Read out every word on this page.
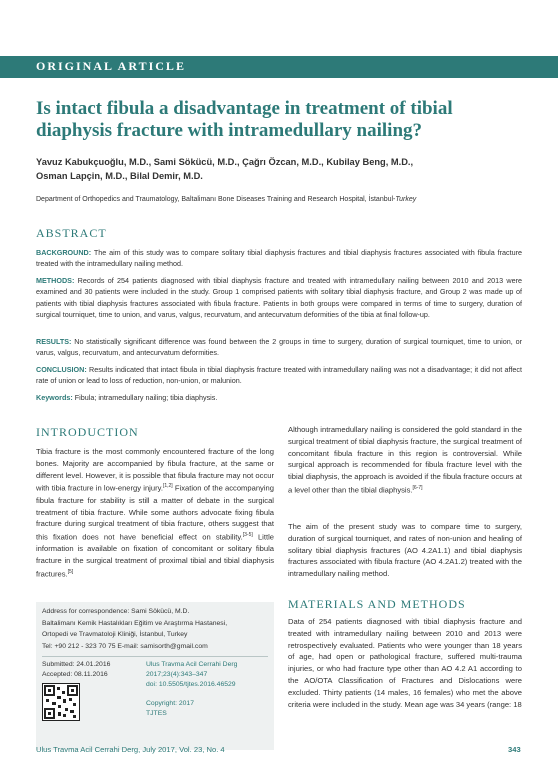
ORIGINAL ARTICLE
Is intact fibula a disadvantage in treatment of tibial diaphysis fracture with intramedullary nailing?
Yavuz Kabukçuoğlu, M.D., Sami Sökücü, M.D., Çağrı Özcan, M.D., Kubilay Beng, M.D.,
Osman Lapçin, M.D., Bilal Demir, M.D.
Department of Orthopedics and Traumatology, Baltalimanı Bone Diseases Training and Research Hospital, İstanbul-Turkey
ABSTRACT
BACKGROUND: The aim of this study was to compare solitary tibial diaphysis fractures and tibial diaphysis fractures associated with fibula fracture treated with the intramedullary nailing method.
METHODS: Records of 254 patients diagnosed with tibial diaphysis fracture and treated with intramedullary nailing between 2010 and 2013 were examined and 30 patients were included in the study. Group 1 comprised patients with solitary tibial diaphysis fracture, and Group 2 was made up of patients with tibial diaphysis fractures associated with fibula fracture. Patients in both groups were compared in terms of time to surgery, duration of surgical tourniquet, time to union, and varus, valgus, recurvatum, and antecurvatum deformities of the tibia at final follow-up.
RESULTS: No statistically significant difference was found between the 2 groups in time to surgery, duration of surgical tourniquet, time to union, or varus, valgus, recurvatum, and antecurvatum deformities.
CONCLUSION: Results indicated that intact fibula in tibial diaphysis fracture treated with intramedullary nailing was not a disadvantage; it did not affect rate of union or lead to loss of reduction, non-union, or malunion.
Keywords: Fibula; intramedullary nailing; tibia diaphysis.
INTRODUCTION
Tibia fracture is the most commonly encountered fracture of the long bones. Majority are accompanied by fibula fracture, at the same or different level. However, it is possible that fibula fracture may not occur with tibia fracture in low-energy injury.[1,2] Fixation of the accompanying fibula fracture for stability is still a matter of debate in the surgical treatment of tibia fracture. While some authors advocate fixing fibula fracture during surgical treatment of tibia fracture, others suggest that this fixation does not have beneficial effect on stability.[3-5] Little information is available on fixation of concomitant or solitary fibula fracture in the surgical treatment of proximal tibial and tibial diaphysis fractures.[5]
Although intramedullary nailing is considered the gold standard in the surgical treatment of tibial diaphysis fracture, the surgical treatment of concomitant fibula fracture in this region is controversial. While surgical approach is recommended for fibula fracture level with the tibial diaphysis, the approach is avoided if the fibula fracture occurs at a level other than the tibial diaphysis.[6-7]
The aim of the present study was to compare time to surgery, duration of surgical tourniquet, and rates of non-union and healing of solitary tibial diaphysis fractures (AO 4.2A1.1) and tibial diaphysis fractures associated with fibula fracture (AO 4.2A1.2) treated with the intramedullary nailing method.
MATERIALS AND METHODS
Data of 254 patients diagnosed with tibial diaphysis fracture and treated with intramedullary nailing between 2010 and 2013 were retrospectively evaluated. Patients who were younger than 18 years of age, had open or pathological fracture, suffered multi-trauma injuries, or who had fracture type other than AO 4.2 A1 according to the AO/OTA Classification of Fractures and Dislocations were excluded. Thirty patients (14 males, 16 females) who met the above criteria were included in the study. Mean age was 34 years (range: 18
Address for correspondence: Sami Sökücü, M.D.
Baltalimanı Kemik Hastalıkları Eğitim ve Araştırma Hastanesi,
Ortopedi ve Travmatoloji Kliniği, İstanbul, Turkey
Tel: +90 212 - 323 70 75 E-mail: samisorth@gmail.com
Submitted: 24.01.2016
Accepted: 08.11.2016
Ulus Travma Acil Cerrahi Derg
2017;23(4):343–347
doi: 10.5505/tjtes.2016.46529
Copyright: 2017
TJTES
Ulus Travma Acil Cerrahi Derg, July 2017, Vol. 23, No. 4	343
